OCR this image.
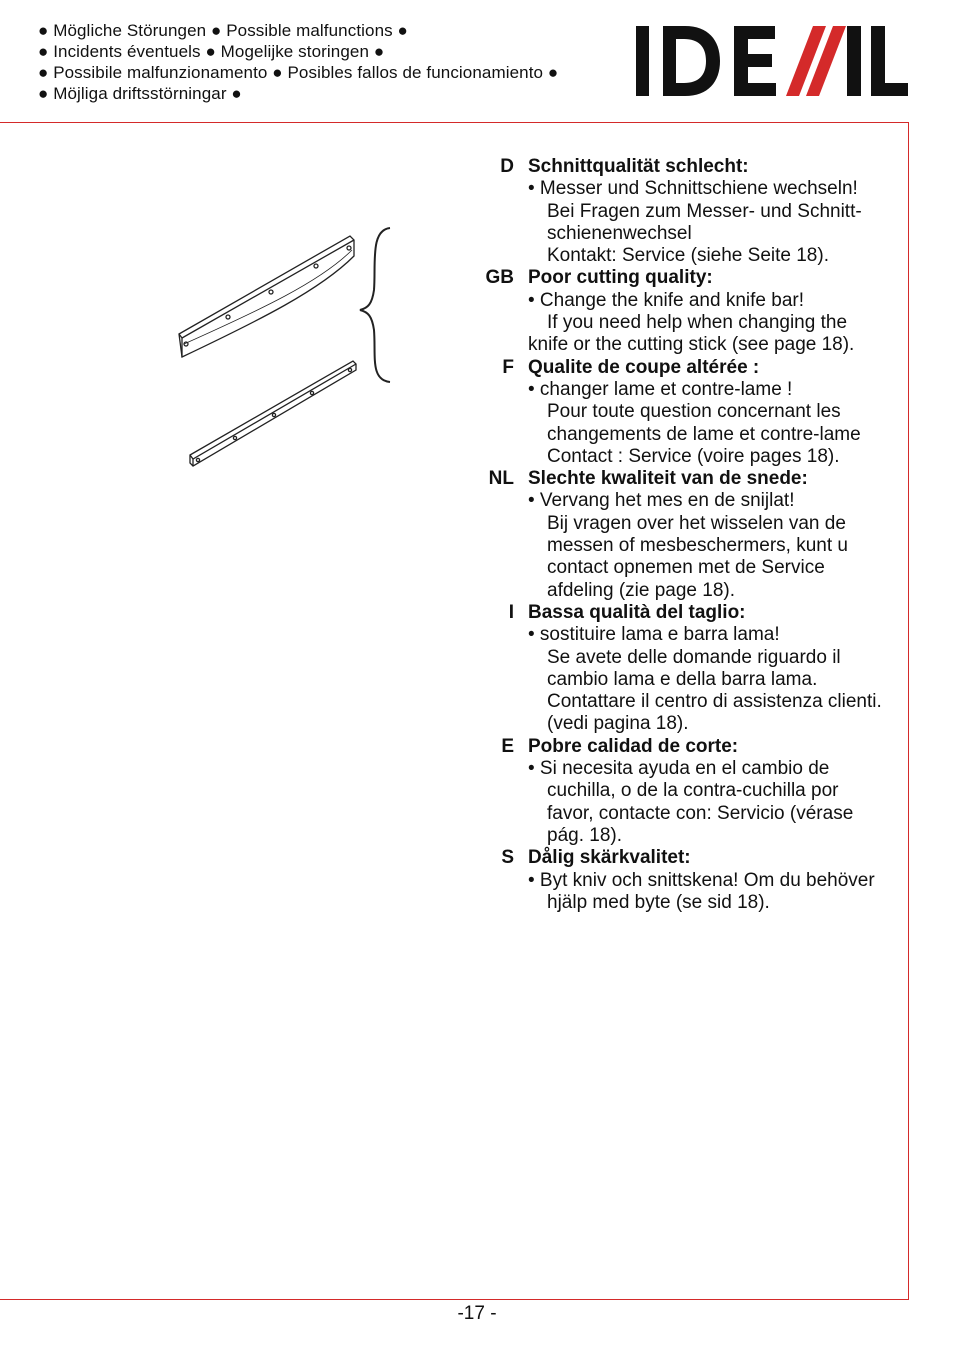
● Mögliche Störungen ● Possible malfunctions ●
● Incidents éventuels ● Mogelijke storingen ●
● Possibile malfunzionamento ● Posibles fallos de funcionamiento ●
● Möjliga driftsstörningar ●
D Schnittqualität schlecht:
• Messer und Schnittschiene wechseln!
Bei Fragen zum Messer- und Schnitt-
schienenwechsel
Kontakt: Service (siehe Seite 18).
GB Poor cutting quality:
• Change the knife and knife bar!
If you need help when changing the
knife or the cutting stick (see page 18).
F Qualite de coupe altérée :
• changer lame et contre-lame !
Pour toute question concernant les
changements de lame et contre-lame
Contact : Service (voire pages 18).
NL Slechte kwaliteit van de snede:
• Vervang het mes en de snijlat!
Bij vragen over het wisselen van de
messen of mesbeschermers, kunt u
contact opnemen met de Service
afdeling (zie page 18).
I Bassa qualità del taglio:
• sostituire lama e barra lama!
Se avete delle domande riguardo il
cambio lama e della barra lama.
Contattare il centro di assistenza clienti.
(vedi pagina 18).
E Pobre calidad de corte:
• Si necesita ayuda en el cambio de
cuchilla, o de la contra-cuchilla por
favor, contacte con: Servicio (vérase
pág. 18).
S Dålig skärkvalitet:
• Byt kniv och snittskena! Om du behöver
hjälp med byte (se sid 18).
-17 -
